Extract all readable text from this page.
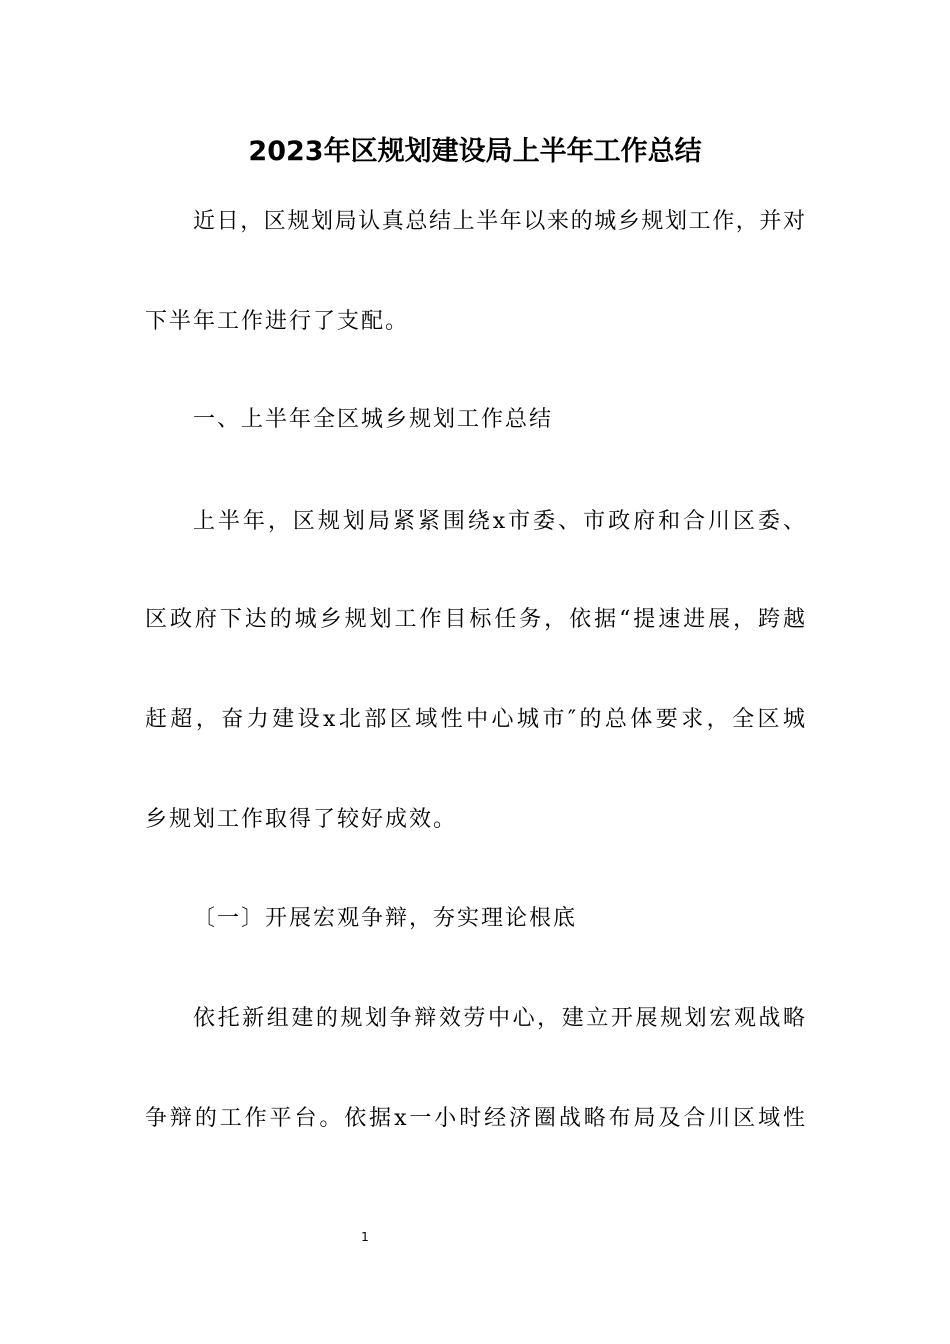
2023年区规划建设局上半年工作总结
近日，区规划局认真总结上半年以来的城乡规划工作，并对
下半年工作进行了支配。
一、上半年全区城乡规划工作总结
上半年，区规划局紧紧围绕x市委、市政府和合川区委、
区政府下达的城乡规划工作目标任务，依据“提速进展，跨越
赶超，奋力建设x北部区域性中心城市″的总体要求，全区城
乡规划工作取得了较好成效。
〔一〕开展宏观争辩，夯实理论根底
依托新组建的规划争辩效劳中心，建立开展规划宏观战略
争辩的工作平台。依据x一小时经济圈战略布局及合川区域性
1
